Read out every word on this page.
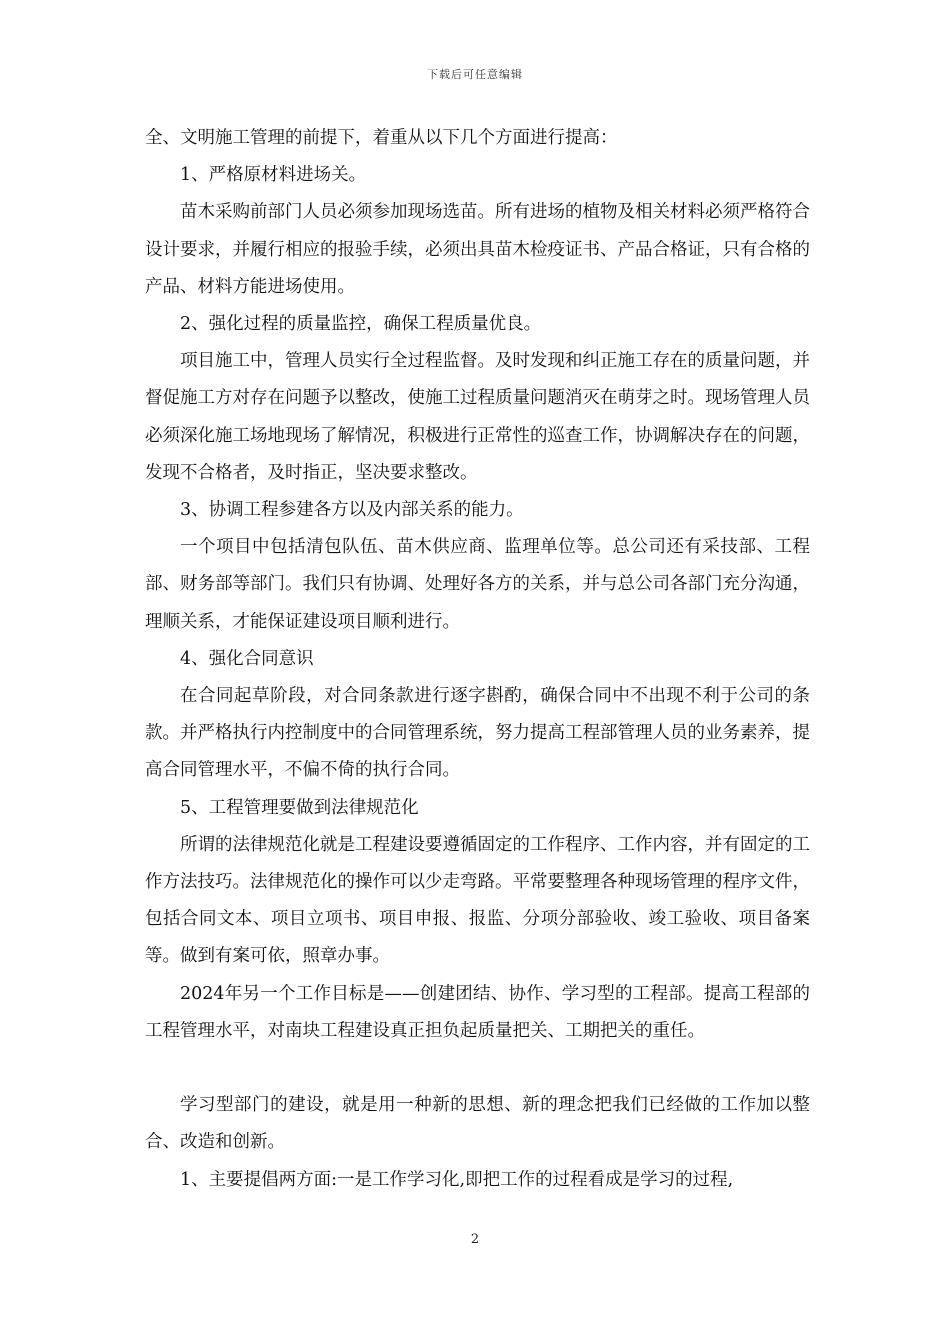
下载后可任意编辑

全、文明施工管理的前提下，着重从以下几个方面进行提高：

1、严格原材料进场关。

苗木采购前部门人员必须参加现场选苗。所有进场的植物及相关材料必须严格符合设计要求，并履行相应的报验手续，必须出具苗木检疫证书、产品合格证，只有合格的产品、材料方能进场使用。

2、强化过程的质量监控，确保工程质量优良。

项目施工中，管理人员实行全过程监督。及时发现和纠正施工存在的质量问题，并督促施工方对存在问题予以整改，使施工过程质量问题消灭在萌芽之时。现场管理人员必须深化施工场地现场了解情况，积极进行正常性的巡查工作，协调解决存在的问题，发现不合格者，及时指正，坚决要求整改。

3、协调工程参建各方以及内部关系的能力。

一个项目中包括清包队伍、苗木供应商、监理单位等。总公司还有采技部、工程部、财务部等部门。我们只有协调、处理好各方的关系，并与总公司各部门充分沟通，理顺关系，才能保证建设项目顺利进行。

4、强化合同意识

在合同起草阶段，对合同条款进行逐字斟酌，确保合同中不出现不利于公司的条款。并严格执行内控制度中的合同管理系统，努力提高工程部管理人员的业务素养，提高合同管理水平，不偏不倚的执行合同。

5、工程管理要做到法律规范化

所谓的法律规范化就是工程建设要遵循固定的工作程序、工作内容，并有固定的工作方法技巧。法律规范化的操作可以少走弯路。平常要整理各种现场管理的程序文件，包括合同文本、项目立项书、项目申报、报监、分项分部验收、竣工验收、项目备案等。做到有案可依，照章办事。

2024年另一个工作目标是——创建团结、协作、学习型的工程部。提高工程部的工程管理水平，对南块工程建设真正担负起质量把关、工期把关的重任。

学习型部门的建设，就是用一种新的思想、新的理念把我们已经做的工作加以整合、改造和创新。

1、主要提倡两方面:一是工作学习化,即把工作的过程看成是学习的过程,

2
